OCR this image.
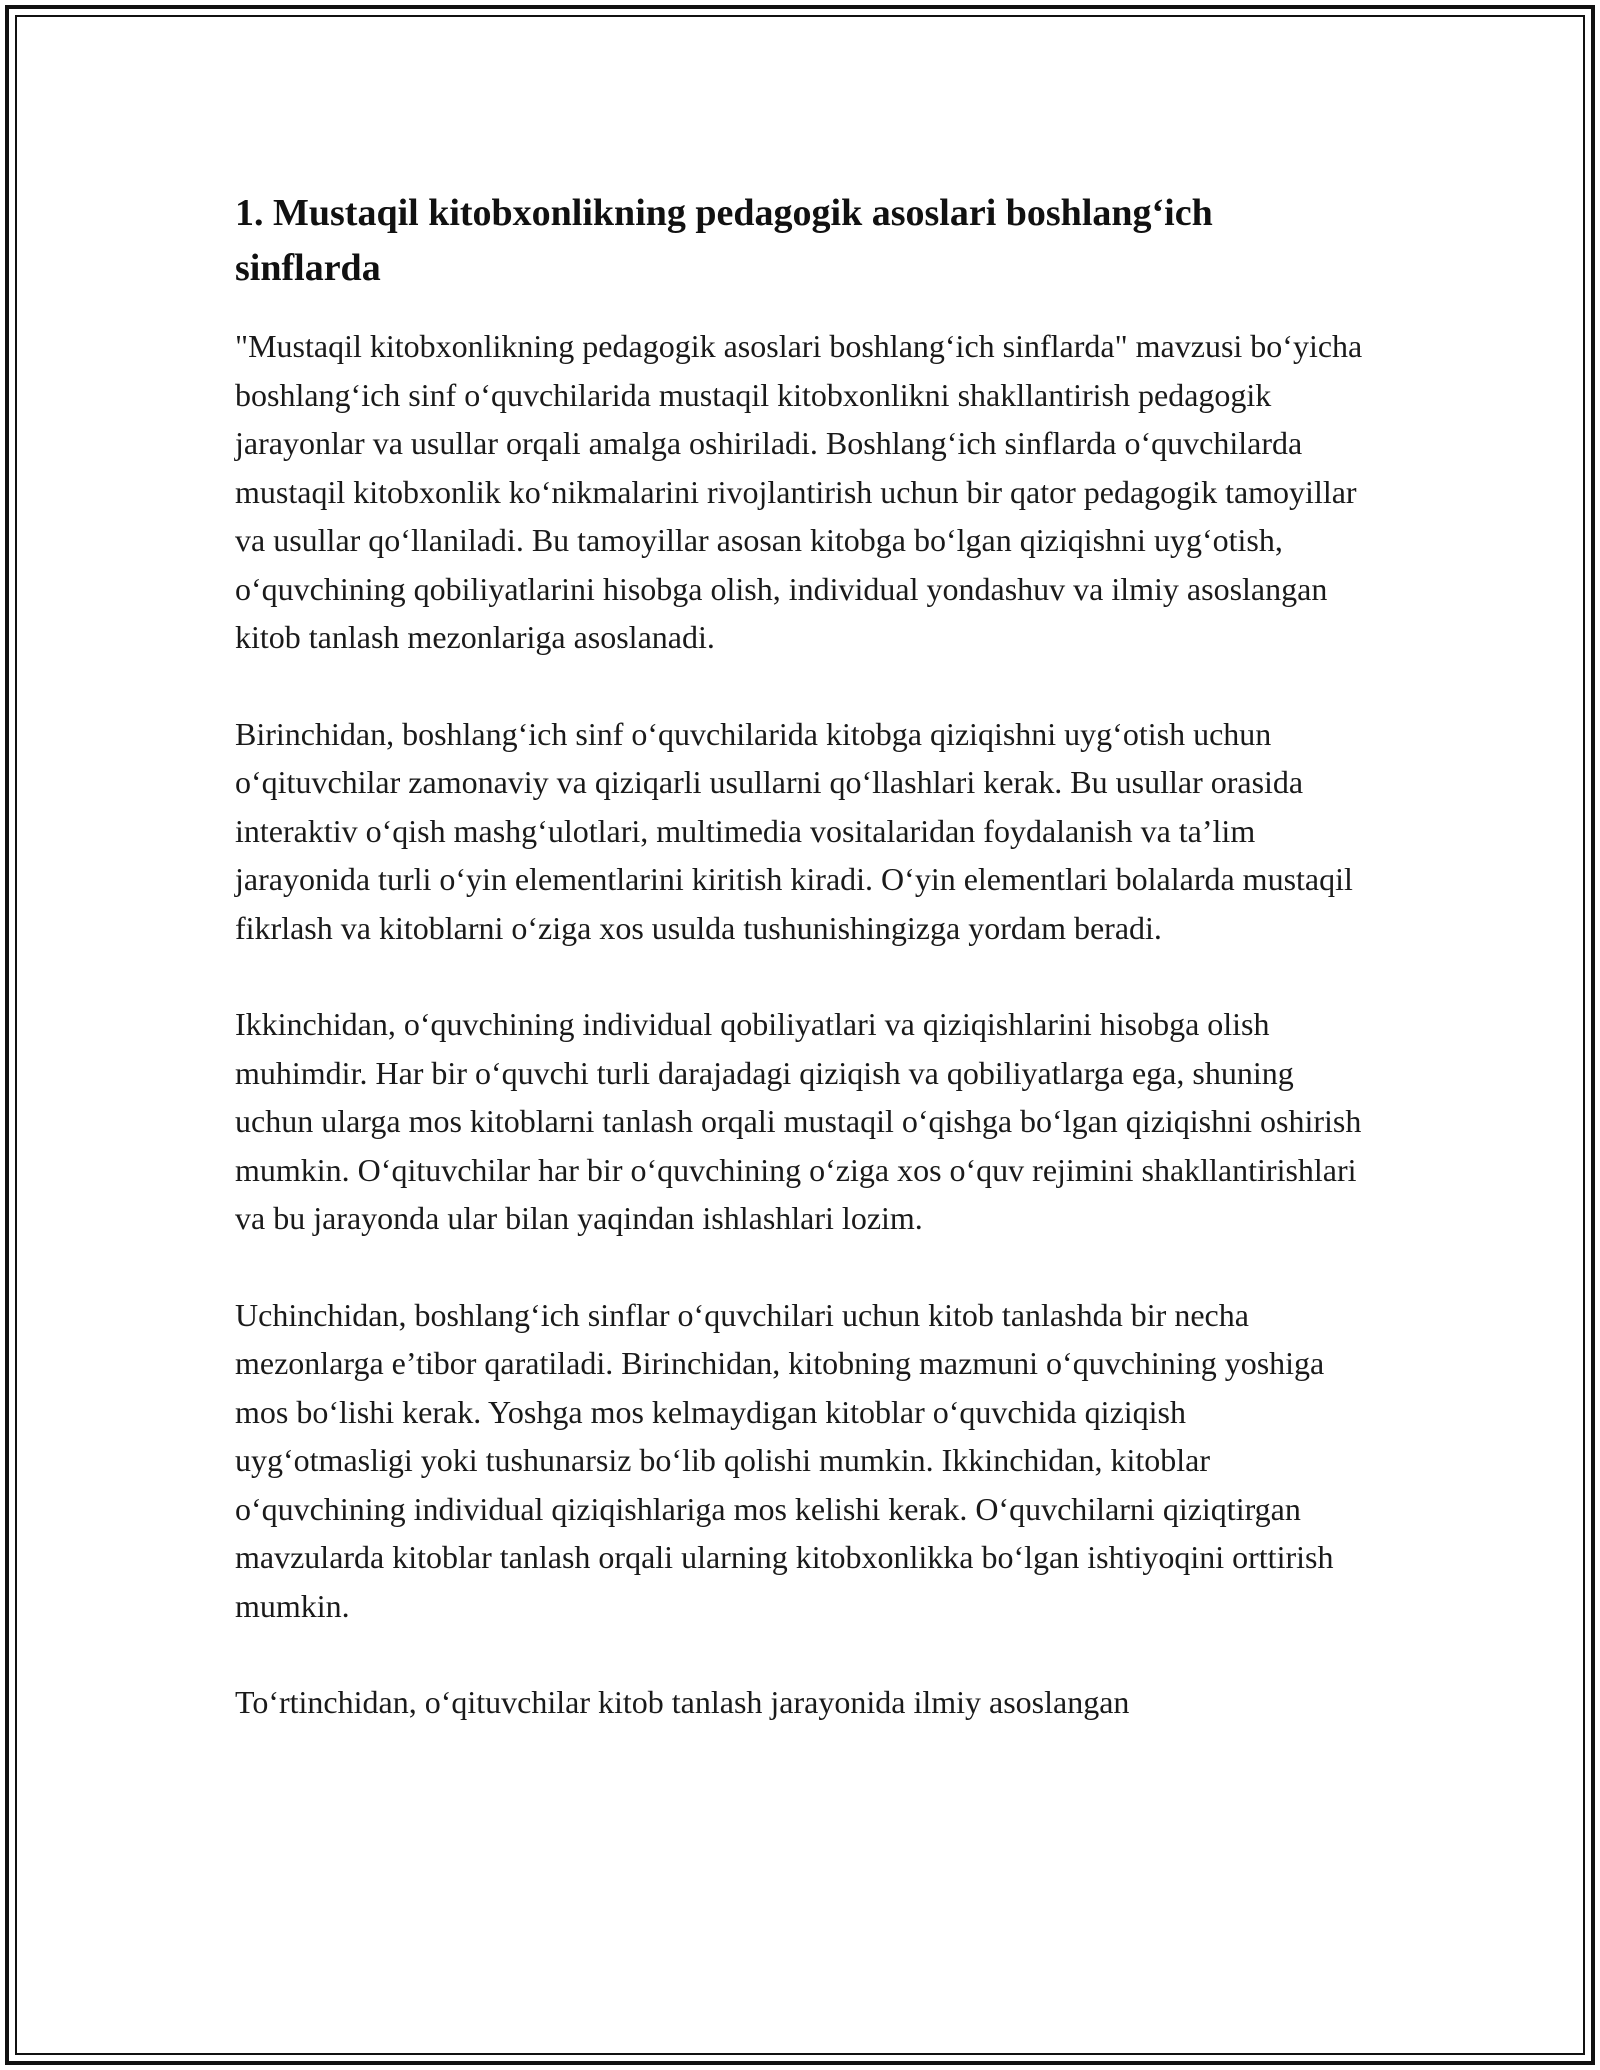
1. Mustaqil kitobxonlikning pedagogik asoslari boshlang‘ich sinflarda

"Mustaqil kitobxonlikning pedagogik asoslari boshlang‘ich sinflarda" mavzusi bo‘yicha boshlang‘ich sinf o‘quvchilarida mustaqil kitobxonlikni shakllantirish pedagogik jarayonlar va usullar orqali amalga oshiriladi. Boshlang‘ich sinflarda o‘quvchilarda mustaqil kitobxonlik ko‘nikmalarini rivojlantirish uchun bir qator pedagogik tamoyillar va usullar qo‘llaniladi. Bu tamoyillar asosan kitobga bo‘lgan qiziqishni uyg‘otish, o‘quvchining qobiliyatlarini hisobga olish, individual yondashuv va ilmiy asoslangan kitob tanlash mezonlariga asoslanadi.

Birinchidan, boshlang‘ich sinf o‘quvchilarida kitobga qiziqishni uyg‘otish uchun o‘qituvchilar zamonaviy va qiziqarli usullarni qo‘llashlari kerak. Bu usullar orasida interaktiv o‘qish mashg‘ulotlari, multimedia vositalaridan foydalanish va ta’lim jarayonida turli o‘yin elementlarini kiritish kiradi. O‘yin elementlari bolalarda mustaqil fikrlash va kitoblarni o‘ziga xos usulda tushunishingizga yordam beradi.

Ikkinchidan, o‘quvchining individual qobiliyatlari va qiziqishlarini hisobga olish muhimdir. Har bir o‘quvchi turli darajadagi qiziqish va qobiliyatlarga ega, shuning uchun ularga mos kitoblarni tanlash orqali mustaqil o‘qishga bo‘lgan qiziqishni oshirish mumkin. O‘qituvchilar har bir o‘quvchining o‘ziga xos o‘quv rejimini shakllantirishlari va bu jarayonda ular bilan yaqindan ishlashlari lozim.

Uchinchidan, boshlang‘ich sinflar o‘quvchilari uchun kitob tanlashda bir necha mezonlarga e’tibor qaratiladi. Birinchidan, kitobning mazmuni o‘quvchining yoshiga mos bo‘lishi kerak. Yoshga mos kelmaydigan kitoblar o‘quvchida qiziqish uyg‘otmasligi yoki tushunarsiz bo‘lib qolishi mumkin. Ikkinchidan, kitoblar o‘quvchining individual qiziqishlariga mos kelishi kerak. O‘quvchilarni qiziqtirgan mavzularda kitoblar tanlash orqali ularning kitobxonlikka bo‘lgan ishtiyoqini orttirish mumkin.

To‘rtinchidan, o‘qituvchilar kitob tanlash jarayonida ilmiy asoslangan
